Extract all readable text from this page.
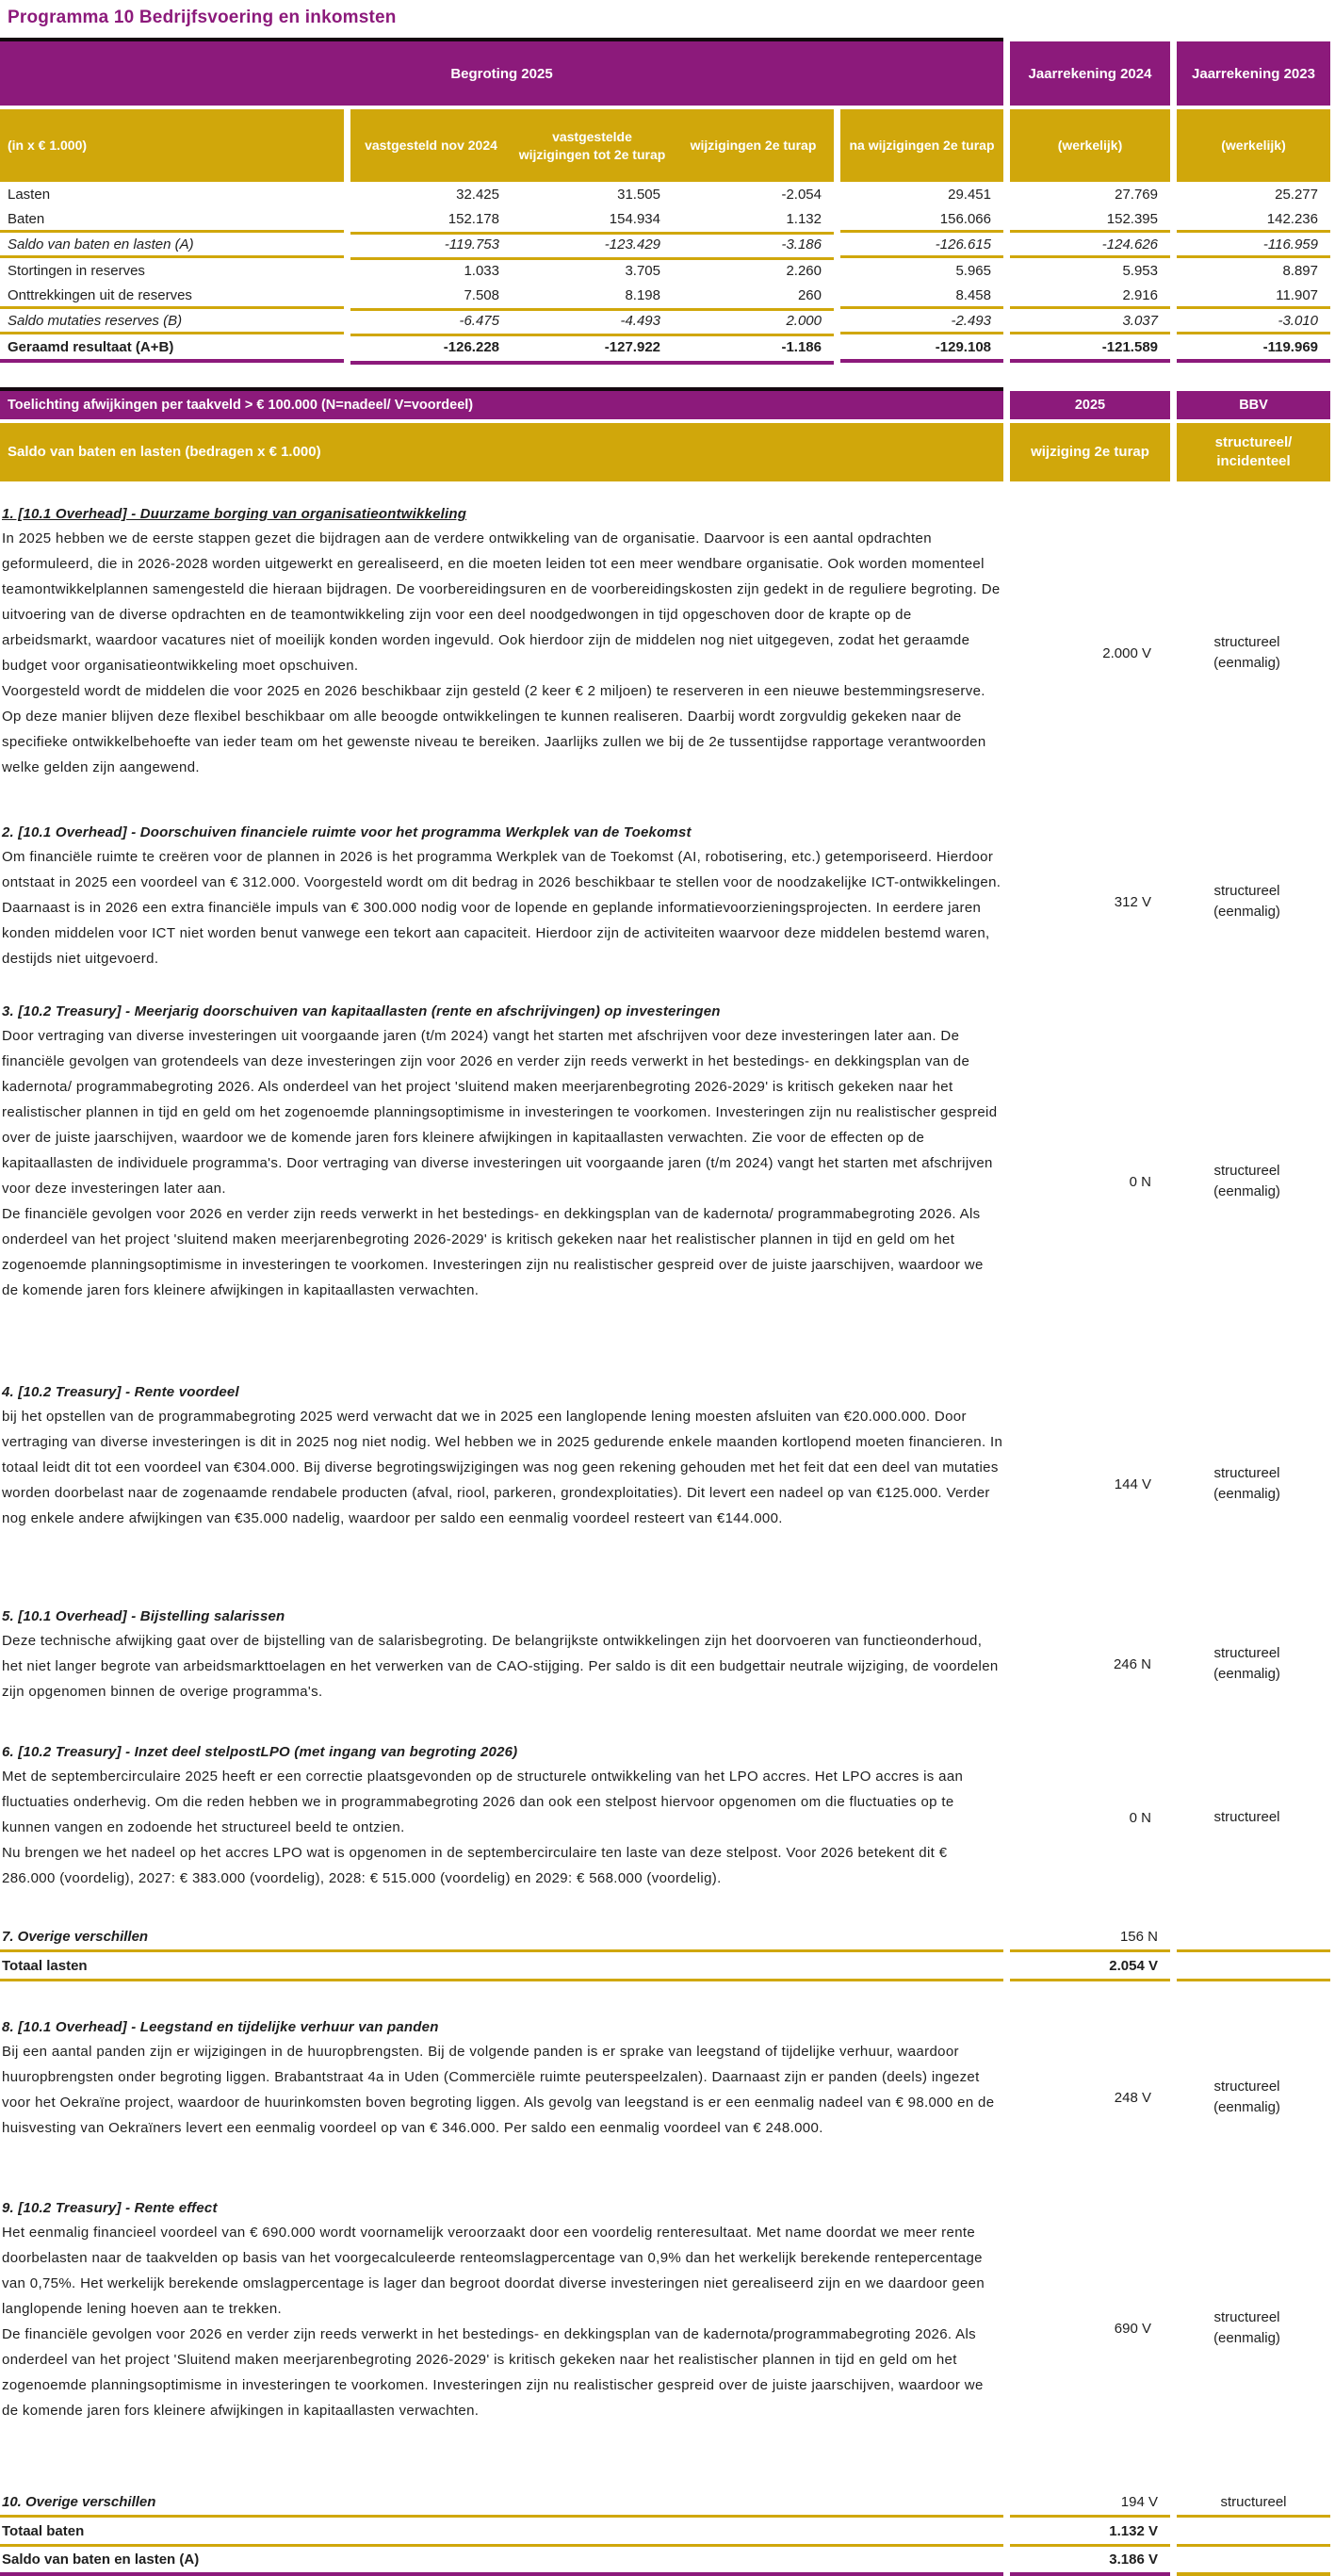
Programma 10 Bedrijfsvoering en inkomsten
Begroting 2025	Jaarrekening 2024	Jaarrekening 2023
(in x € 1.000)	vastgesteld nov 2024
vastgestelde wijzigingen tot 2e turap
wijzigingen 2e turap	na wijzigingen 2e turap	(werkelijk)	(werkelijk)
Lasten	32.425	31.505	-2.054	29.451	27.769	25.277
Baten	152.178	154.934	1.132	156.066	152.395	142.236
Saldo van baten en lasten (A)	-119.753	-123.429	-3.186	-126.615	-124.626	-116.959
Stortingen in reserves	1.033	3.705	2.260	5.965	5.953	8.897
Onttrekkingen uit de reserves	7.508	8.198	260	8.458	2.916	11.907
Saldo mutaties reserves (B)	-6.475	-4.493	2.000	-2.493	3.037	-3.010
Geraamd resultaat (A+B)	-126.228	-127.922	-1.186	-129.108	-121.589	-119.969
Toelichting afwijkingen per taakveld > € 100.000 (N=nadeel/ V=voordeel)	2025	BBV
Saldo van baten en lasten (bedragen x € 1.000)	wijziging 2e turap
structureel/ incidenteel
1. [10.1 Overhead] - Duurzame borging van organisatieontwikkeling

In 2025 hebben we de eerste stappen gezet die bijdragen aan de verdere ontwikkeling van de organisatie. Daarvoor is een aantal opdrachten geformuleerd, die in 2026-2028 worden uitgewerkt en gerealiseerd, en die moeten leiden tot een meer wendbare organisatie. Ook worden momenteel teamontwikkelplannen samengesteld die hieraan bijdragen. De voorbereidingsuren en de voorbereidingskosten zijn gedekt in de reguliere begroting. De uitvoering van de diverse opdrachten en de teamontwikkeling zijn voor een deel noodgedwongen in tijd opgeschoven door de krapte op de arbeidsmarkt, waardoor vacatures niet of moeilijk konden worden ingevuld. Ook hierdoor zijn de middelen nog niet uitgegeven, zodat het geraamde budget voor organisatieontwikkeling moet opschuiven.

Voorgesteld wordt de middelen die voor 2025 en 2026 beschikbaar zijn gesteld (2 keer € 2 miljoen) te reserveren in een nieuwe bestemmingsreserve. Op deze manier blijven deze flexibel beschikbaar om alle beoogde ontwikkelingen te kunnen realiseren. Daarbij wordt zorgvuldig gekeken naar de specifieke ontwikkelbehoefte van ieder team om het gewenste niveau te bereiken. Jaarlijks zullen we bij de 2e tussentijdse rapportage verantwoorden welke gelden zijn aangewend.

2.000 V
structureel (eenmalig)
2. [10.1 Overhead] - Doorschuiven financiele ruimte voor het programma Werkplek van de Toekomst

Om financiële ruimte te creëren voor de plannen in 2026 is het programma Werkplek van de Toekomst (AI, robotisering, etc.) getemporiseerd. Hierdoor ontstaat in 2025 een voordeel van € 312.000. Voorgesteld wordt om dit bedrag in 2026 beschikbaar te stellen voor de noodzakelijke ICT-ontwikkelingen.

Daarnaast is in 2026 een extra financiële impuls van € 300.000 nodig voor de lopende en geplande informatievoorzieningsprojecten. In eerdere jaren konden middelen voor ICT niet worden benut vanwege een tekort aan capaciteit. Hierdoor zijn de activiteiten waarvoor deze middelen bestemd waren, destijds niet uitgevoerd.

312 V
structureel (eenmalig)
3. [10.2 Treasury] - Meerjarig doorschuiven van kapitaallasten (rente en afschrijvingen) op investeringen

Door vertraging van diverse investeringen uit voorgaande jaren (t/m 2024) vangt het starten met afschrijven voor deze investeringen later aan. De financiële gevolgen van grotendeels van deze investeringen zijn voor 2026 en verder zijn reeds verwerkt in het bestedings- en dekkingsplan van de kadernota/ programmabegroting 2026. Als onderdeel van het project 'sluitend maken meerjarenbegroting 2026-2029' is kritisch gekeken naar het realistischer plannen in tijd en geld om het zogenoemde planningsoptimisme in investeringen te voorkomen. Investeringen zijn nu realistischer gespreid over de juiste jaarschijven, waardoor we de komende jaren fors kleinere afwijkingen in kapitaallasten verwachten. Zie voor de effecten op de kapitaallasten de individuele programma's. Door vertraging van diverse investeringen uit voorgaande jaren (t/m 2024) vangt het starten met afschrijven voor deze investeringen later aan.

De financiële gevolgen voor 2026 en verder zijn reeds verwerkt in het bestedings- en dekkingsplan van de kadernota/ programmabegroting 2026. Als onderdeel van het project 'sluitend maken meerjarenbegroting 2026-2029' is kritisch gekeken naar het realistischer plannen in tijd en geld om het zogenoemde planningsoptimisme in investeringen te voorkomen. Investeringen zijn nu realistischer gespreid over de juiste jaarschijven, waardoor we de komende jaren fors kleinere afwijkingen in kapitaallasten verwachten.

0 N
structureel (eenmalig)
4. [10.2 Treasury] - Rente voordeel

bij het opstellen van de programmabegroting 2025 werd verwacht dat we in 2025 een langlopende lening moesten afsluiten van €20.000.000. Door vertraging van diverse investeringen is dit in 2025 nog niet nodig. Wel hebben we in 2025 gedurende enkele maanden kortlopend moeten financieren. In totaal leidt dit tot een voordeel van €304.000. Bij diverse begrotingswijzigingen was nog geen rekening gehouden met het feit dat een deel van mutaties worden doorbelast naar de zogenaamde rendabele producten (afval, riool, parkeren, grondexploitaties). Dit levert een nadeel op van €125.000. Verder nog enkele andere afwijkingen van €35.000 nadelig, waardoor per saldo een eenmalig voordeel resteert van €144.000.

144 V
structureel (eenmalig)
5. [10.1 Overhead] - Bijstelling salarissen

Deze technische afwijking gaat over de bijstelling van de salarisbegroting. De belangrijkste ontwikkelingen zijn het doorvoeren van functieonderhoud, het niet langer begrote van arbeidsmarkttoelagen en het verwerken van de CAO-stijging. Per saldo is dit een budgettair neutrale wijziging, de voordelen zijn opgenomen binnen de overige programma's.

246 N
structureel (eenmalig)
6. [10.2 Treasury] - Inzet deel stelpostLPO (met ingang van begroting 2026)

Met de septembercirculaire 2025 heeft er een correctie plaatsgevonden op de structurele ontwikkeling van het LPO accres. Het LPO accres is aan fluctuaties onderhevig. Om die reden hebben we in programmabegroting 2026 dan ook een stelpost hiervoor opgenomen om die fluctuaties op te kunnen vangen en zodoende het structureel beeld te ontzien.

Nu brengen we het nadeel op het accres LPO wat is opgenomen in de septembercirculaire ten laste van deze stelpost. Voor 2026 betekent dit € 286.000 (voordelig), 2027: € 383.000 (voordelig), 2028: € 515.000 (voordelig) en 2029: € 568.000 (voordelig).

0 N	structureel
7. Overige verschillen	156 N
Totaal lasten	2.054 V
8. [10.1 Overhead] - Leegstand en tijdelijke verhuur van panden

Bij een aantal panden zijn er wijzigingen in de huuropbrengsten. Bij de volgende panden is er sprake van leegstand of tijdelijke verhuur, waardoor huuropbrengsten onder begroting liggen. Brabantstraat 4a in Uden (Commerciële ruimte peuterspeelzalen). Daarnaast zijn er panden (deels) ingezet voor het Oekraïne project, waardoor de huurinkomsten boven begroting liggen. Als gevolg van leegstand is er een eenmalig nadeel van € 98.000 en de huisvesting van Oekraïners levert een eenmalig voordeel op van € 346.000. Per saldo een eenmalig voordeel van € 248.000.

248 V
structureel (eenmalig)
9. [10.2 Treasury] - Rente effect

Het eenmalig financieel voordeel van € 690.000 wordt voornamelijk veroorzaakt door een voordelig renteresultaat. Met name doordat we meer rente doorbelasten naar de taakvelden op basis van het voorgecalculeerde renteomslagpercentage van 0,9% dan het werkelijk berekende rentepercentage van 0,75%. Het werkelijk berekende omslagpercentage is lager dan begroot doordat diverse investeringen niet gerealiseerd zijn en we daardoor geen langlopende lening hoeven aan te trekken.

De financiële gevolgen voor 2026 en verder zijn reeds verwerkt in het bestedings- en dekkingsplan van de kadernota/programmabegroting 2026. Als onderdeel van het project 'Sluitend maken meerjarenbegroting 2026-2029' is kritisch gekeken naar het realistischer plannen in tijd en geld om het zogenoemde planningsoptimisme in investeringen te voorkomen. Investeringen zijn nu realistischer gespreid over de juiste jaarschijven, waardoor we de komende jaren fors kleinere afwijkingen in kapitaallasten verwachten.

690 V
structureel (eenmalig)
10. Overige verschillen	194 V	structureel
Totaal baten	1.132 V
Saldo van baten en lasten (A)	3.186 V
